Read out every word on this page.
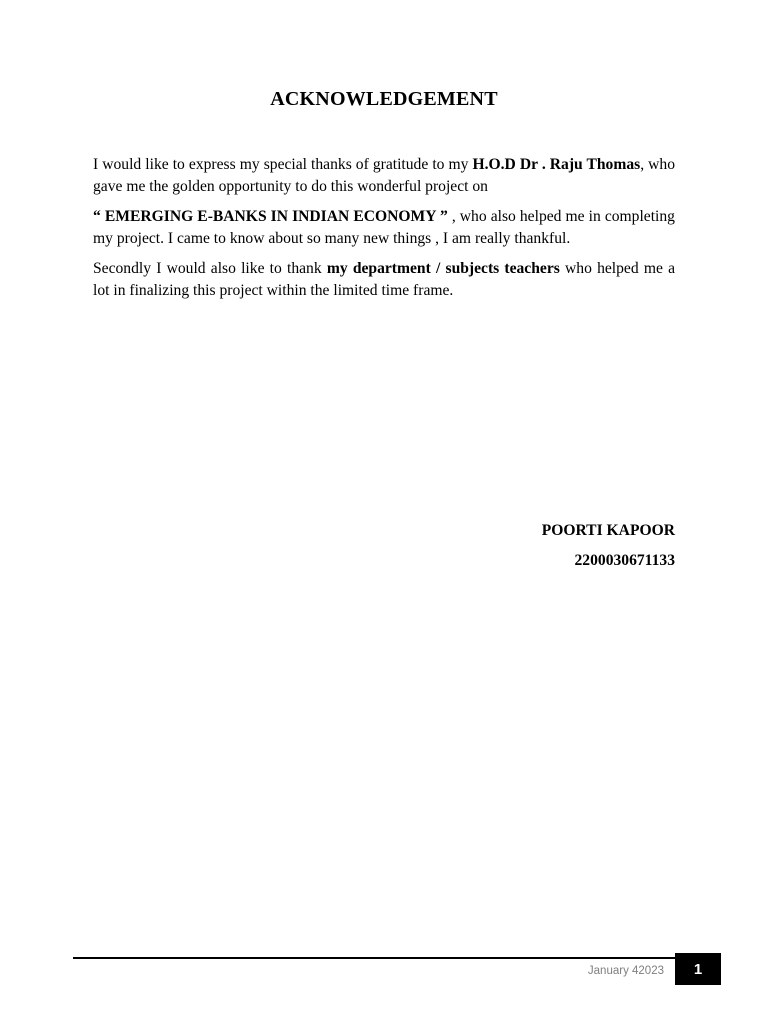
ACKNOWLEDGEMENT

I would like to express my special thanks of gratitude to my H.O.D Dr . Raju Thomas, who gave me the golden opportunity to do this wonderful project on

“ EMERGING E-BANKS IN INDIAN ECONOMY ” , who also helped me in completing my project. I came to know about so many new things , I am really thankful.

Secondly I would also like to thank my department / subjects teachers who helped me a lot in finalizing this project within the limited time frame.

POORTI KAPOOR
2200030671133
January 42023 1
